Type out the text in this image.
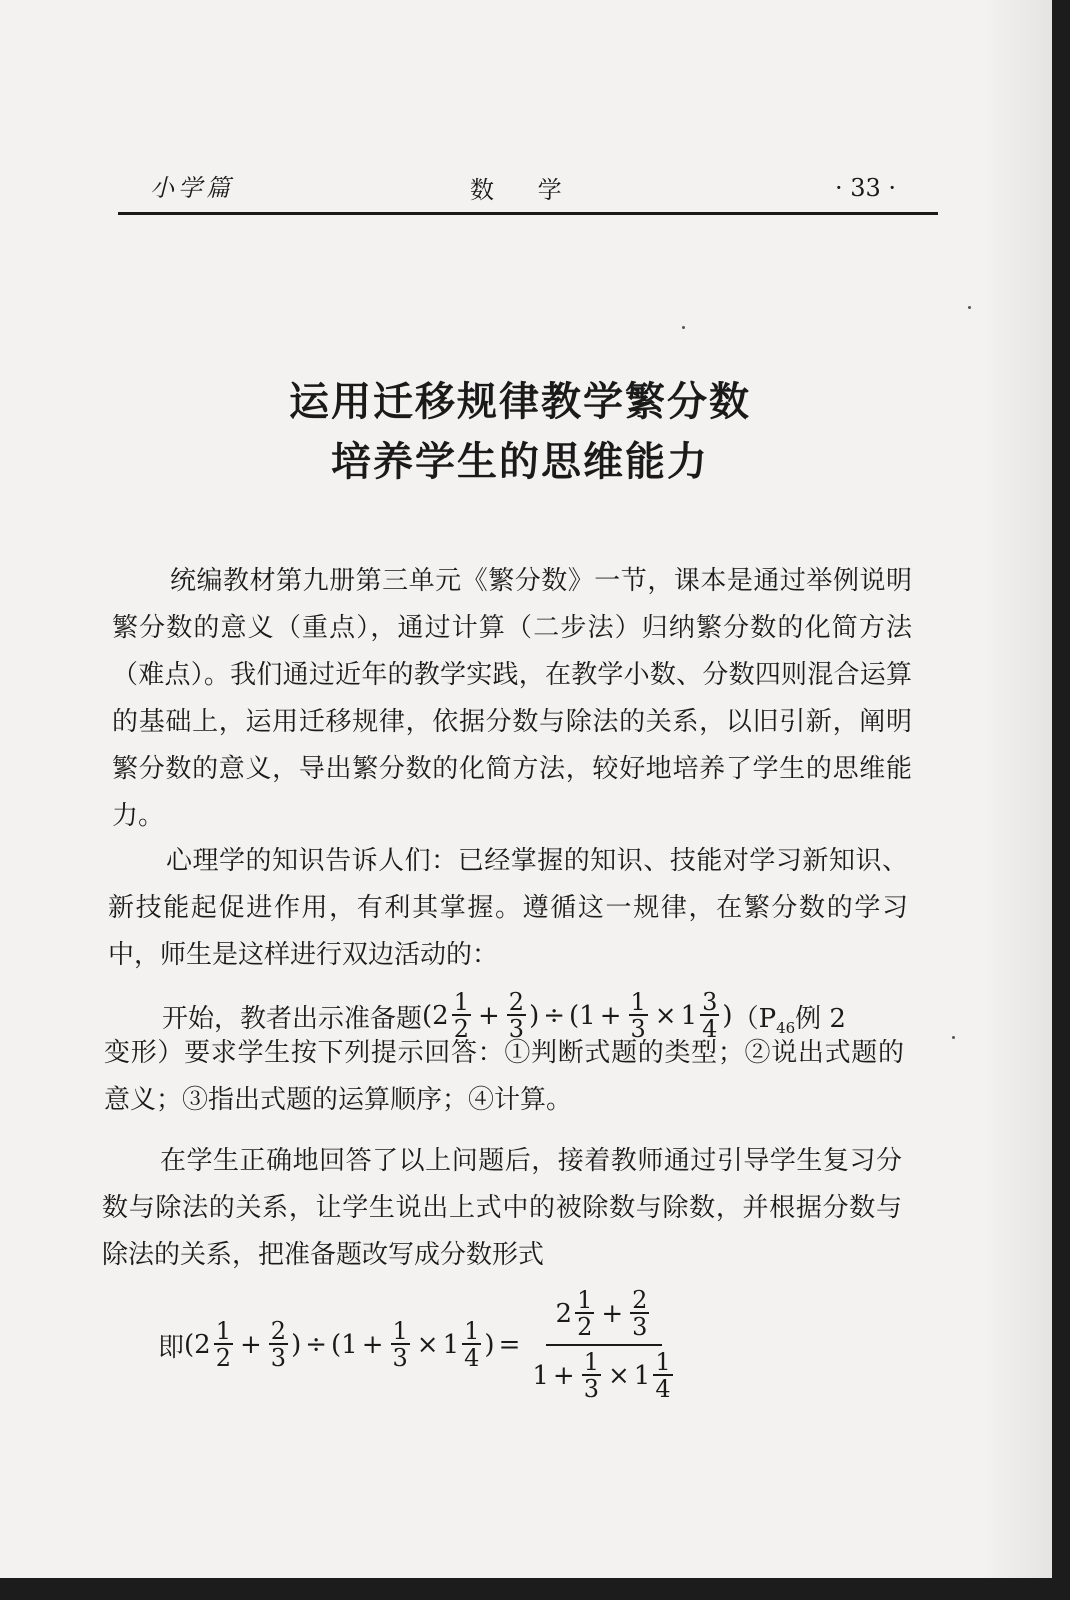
小学篇	数 学	· 33 ·
运用迁移规律教学繁分数
培养学生的思维能力
统编教材第九册第三单元《繁分数》一节，课本是通过举例说明繁分数的意义（重点），通过计算（二步法）归纳繁分数的化简方法（难点）。我们通过近年的教学实践，在教学小数、分数四则混合运算的基础上，运用迁移规律，依据分数与除法的关系，以旧引新，阐明繁分数的意义，导出繁分数的化简方法，较好地培养了学生的思维能力。
心理学的知识告诉人们：已经掌握的知识、技能对学习新知识、新技能起促进作用，有利其掌握。遵循这一规律，在繁分数的学习中，师生是这样进行双边活动的：
开始，教者出示准备题 ($2 \frac{1}{2} + \frac{2}{3}$ ) ÷ ($1 + \frac{1}{3} \times 1 \frac{3}{4}$ ) （$P_{46}$例 2
变形）要求学生按下列提示回答：①判断式题的类型；②说出式题的意义；③指出式题的运算顺序；④计算。
在学生正确地回答了以上问题后，接着教师通过引导学生复习分数与除法的关系，让学生说出上式中的被除数与除数，并根据分数与除法的关系，把准备题改写成分数形式
即 ($2 \frac{1}{2} + \frac{2}{3}$ ) ÷ ($1 + \frac{1}{3} \times 1 \frac{1}{4}$ ) = $\frac{2 \frac{1}{2} + \frac{2}{3}}{1 + \frac{1}{3} \times 1 \frac{1}{4}}$
